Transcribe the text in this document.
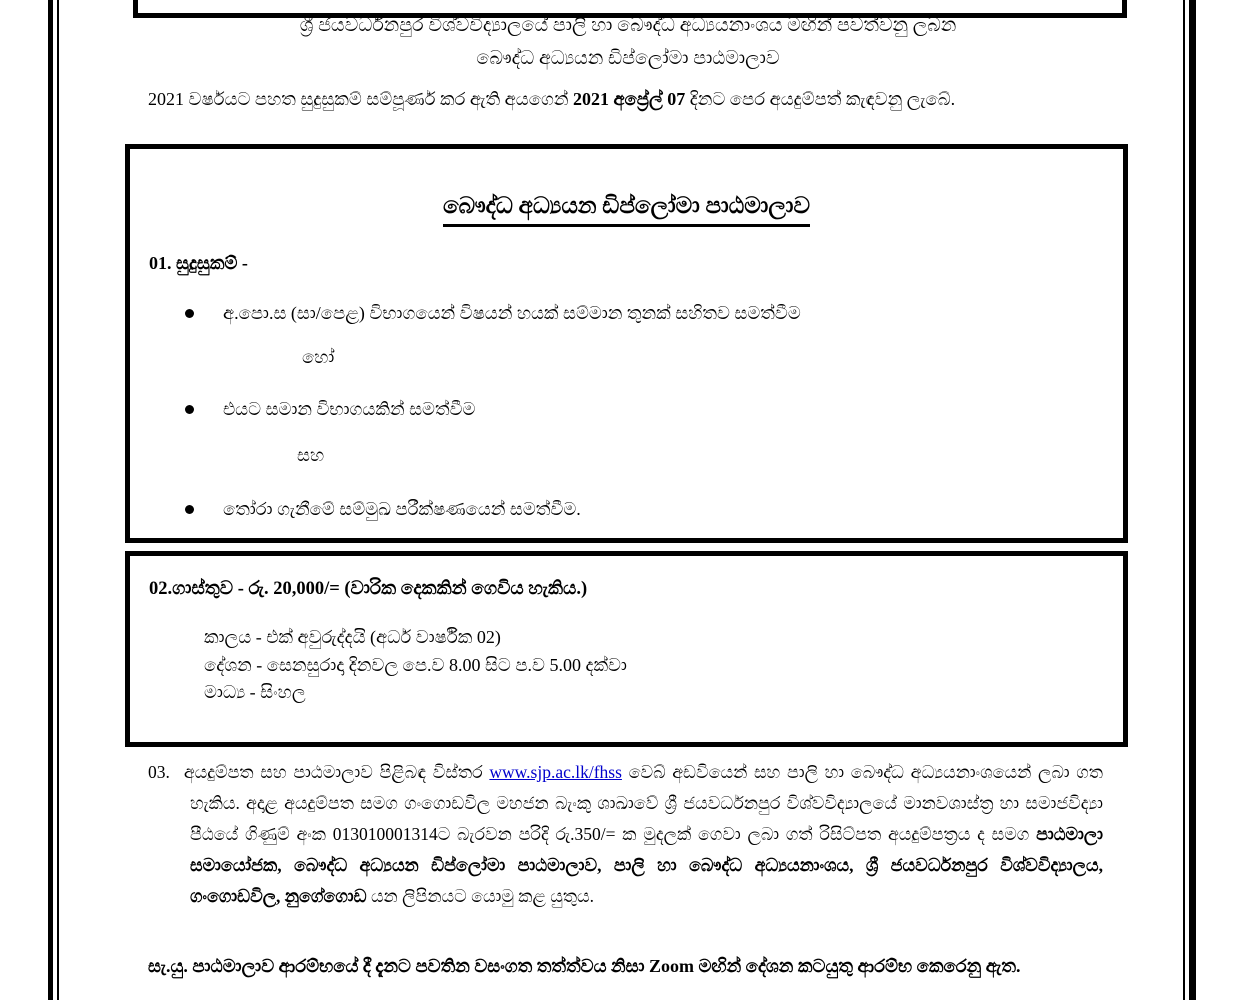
ශ්‍රී ජයවර්ධනපුර විශ්වවිද්‍යාලයේ පාලි හා බෞද්ධ අධ්‍යයනාංශය මඟින් පවත්වනු ලබන
බෞද්ධ අධ්‍යයන ඩිප්ලෝමා පාඨමාලාව
2021 වර්ෂයට පහත සුදුසුකම් සම්පූර්ණ කර ඇති අයගෙන් 2021 අප්‍රේල් 07 දිනට පෙර අයදුම්පත් කැඳවනු ලැබේ.
බෞද්ධ අධ්‍යයන ඩිප්ලෝමා පාඨමාලාව
01. සුදුසුකම් -
අ.පො.ස (සා/පෙළ) විභාගයෙන් විෂයන් හයක් සම්මාන තුනක් සහිතව සමත්වීම
හෝ
එයට සමාන විභාගයකින් සමත්වීම
සහ
තෝරා ගැනීමේ සම්මුඛ පරීක්ෂණයෙන් සමත්වීම.
02.ගාස්තුව - රු. 20,000/= (වාරික දෙකකින් ගෙවිය හැකිය.)
කාලය - එක් අවුරුද්දයි (අර්ධ වාර්ෂික 02)
දේශන - සෙනසුරාදා දිනවල පෙ.ව 8.00 සිට ප.ව 5.00 දක්වා
මාධ්‍ය - සිංහල
03. අයදුම්පත සහ පාඨමාලාව පිළිබඳ විස්තර www.sjp.ac.lk/fhss වෙබ් අඩවියෙන් සහ පාලි හා බෞද්ධ අධ්‍යයනාංශයෙන් ලබා ගත හැකිය. අදාළ අයදුම්පත සමග ගංගොඩවිල මහජන බැංකු ශාඛාවේ ශ්‍රී ජයවර්ධනපුර විශ්වවිද්‍යාලයේ මානවශාස්ත්‍ර හා සමාජවිද්‍යා පීඨයේ ගිණුම් අංක 013010001314ට බැරවන පරිදි රු.350/= ක මුදලක් ගෙවා ලබා ගත් රිසිට්පත අයදුම්පත්‍රය ද සමග පාඨමාලා සමායෝජක, බෞද්ධ අධ්‍යයන ඩිප්ලෝමා පාඨමාලාව, පාලි හා බෞද්ධ අධ්‍යයනාංශය, ශ්‍රී ජයවර්ධනපුර විශ්වවිද්‍යාලය, ගංගොඩවිල, නුගේගොඩ යන ලිපිනයට යොමු කළ යුතුය.
සැ.යු. පාඨමාලාව ආරම්භයේ දී දැනට පවතින වසංගත තත්ත්වය නිසා Zoom මඟින් දේශන කටයුතු ආරම්භ කෙරෙනු ඇත.
